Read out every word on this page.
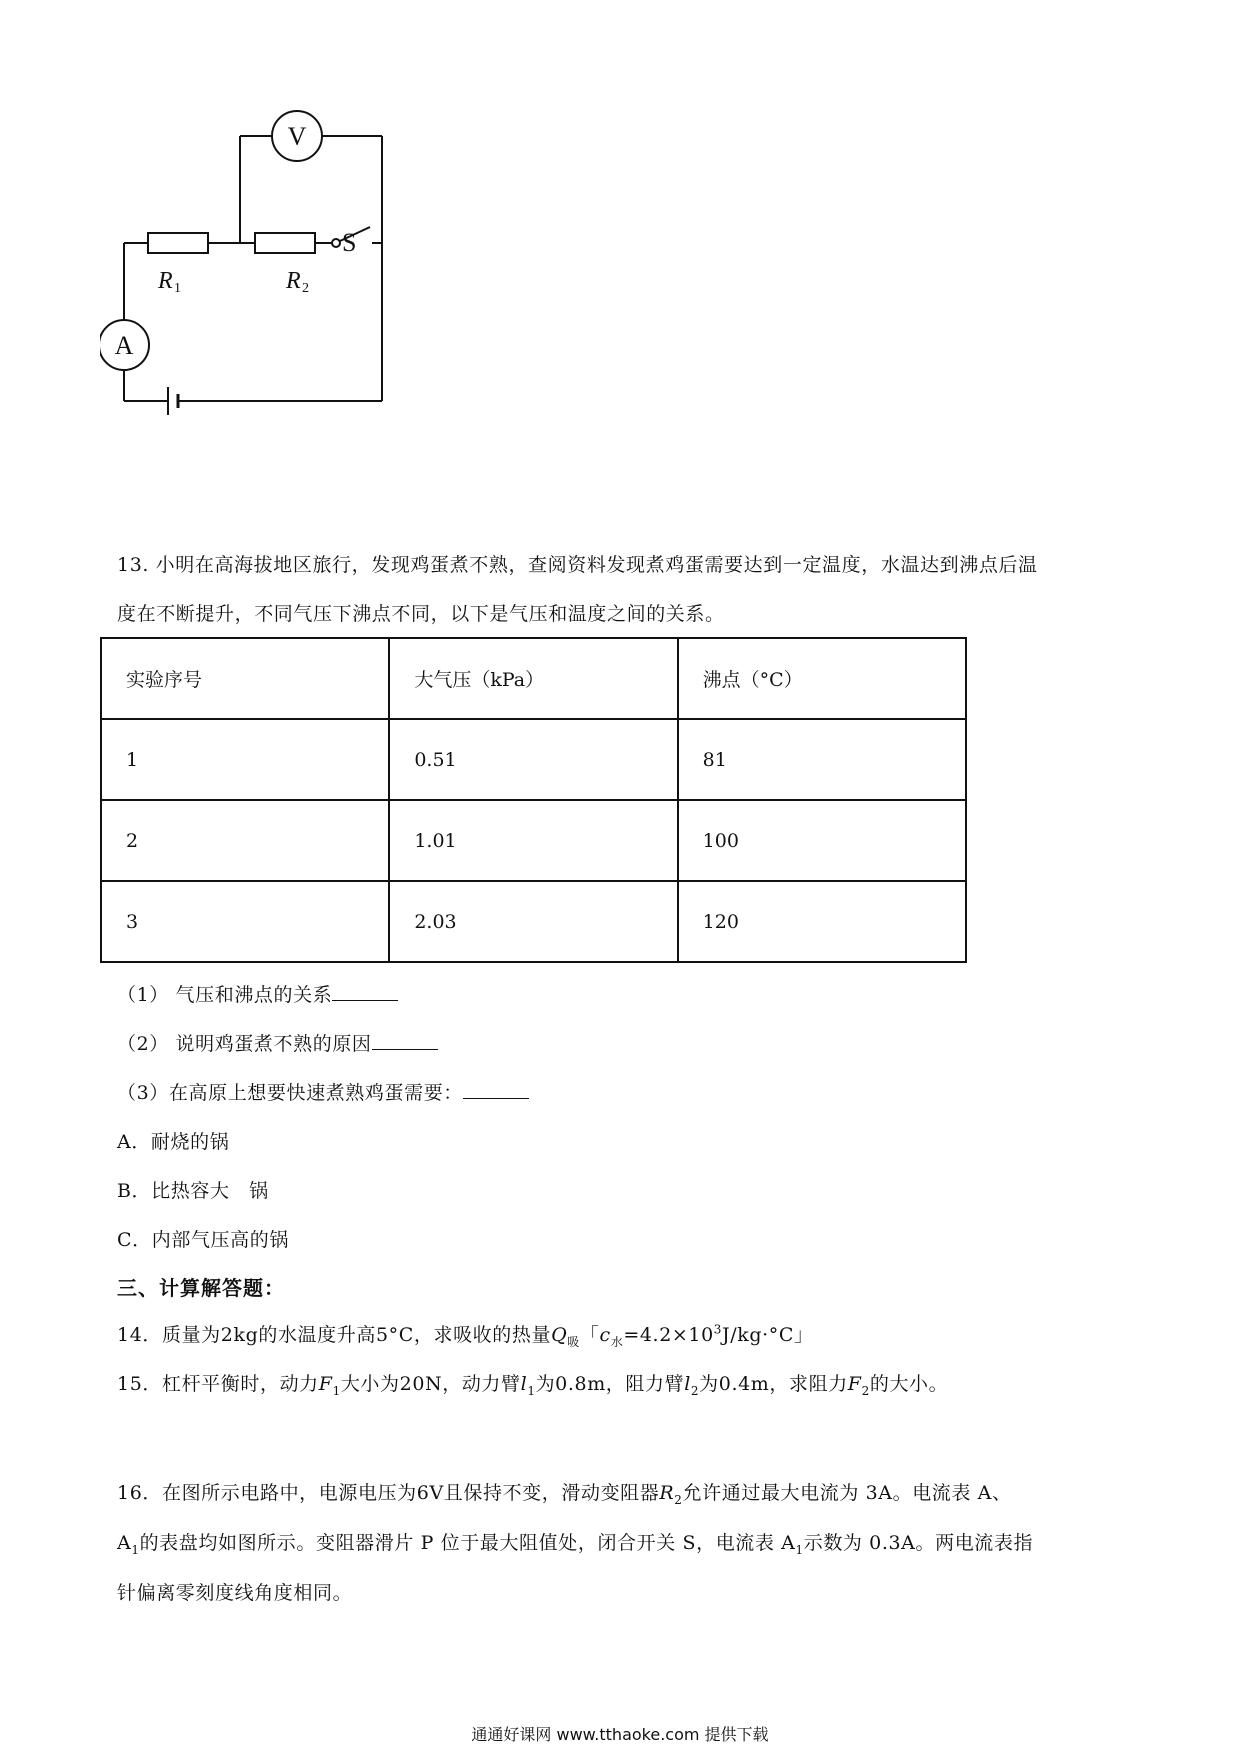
V
A
S
R 1	R 2
13. 小明在高海拔地区旅行，发现鸡蛋煮不熟，查阅资料发现煮鸡蛋需要达到一定温度，水温达到沸点后温
度在不断提升，不同气压下沸点不同，以下是气压和温度之间的关系。
实验序号	大气压（kPa）	沸点（°C）
1	0.51	81
2	1.01	100
3	2.03	120
（1） 气压和沸点的关系
（2） 说明鸡蛋煮不熟的原因
（3）在高原上想要快速煮熟鸡蛋需要：
A．耐烧的锅
B．比热容大　锅
C．内部气压高的锅
三、计算解答题：
14．质量为2kg的水温度升高5°C，求吸收的热量$Q_吸$「$c_水=4.2\times 10^3J/kg\cdot^\circ C$」
15．杠杆平衡时，动力$F_1$大小为20N，动力臂$l_1$为0.8m，阻力臂$l_2$为0.4m，求阻力$F_2$的大小。
16．在图所示电路中，电源电压为6V且保持不变，滑动变阻器$R_2$允许通过最大电流为 3A。电流表 A、
$A_1$的表盘均如图所示。变阻器滑片 P 位于最大阻值处，闭合开关 S，电流表 $A_1$示数为 0.3A。两电流表指
针偏离零刻度线角度相同。
通通好课网 www.tthaoke.com 提供下载
